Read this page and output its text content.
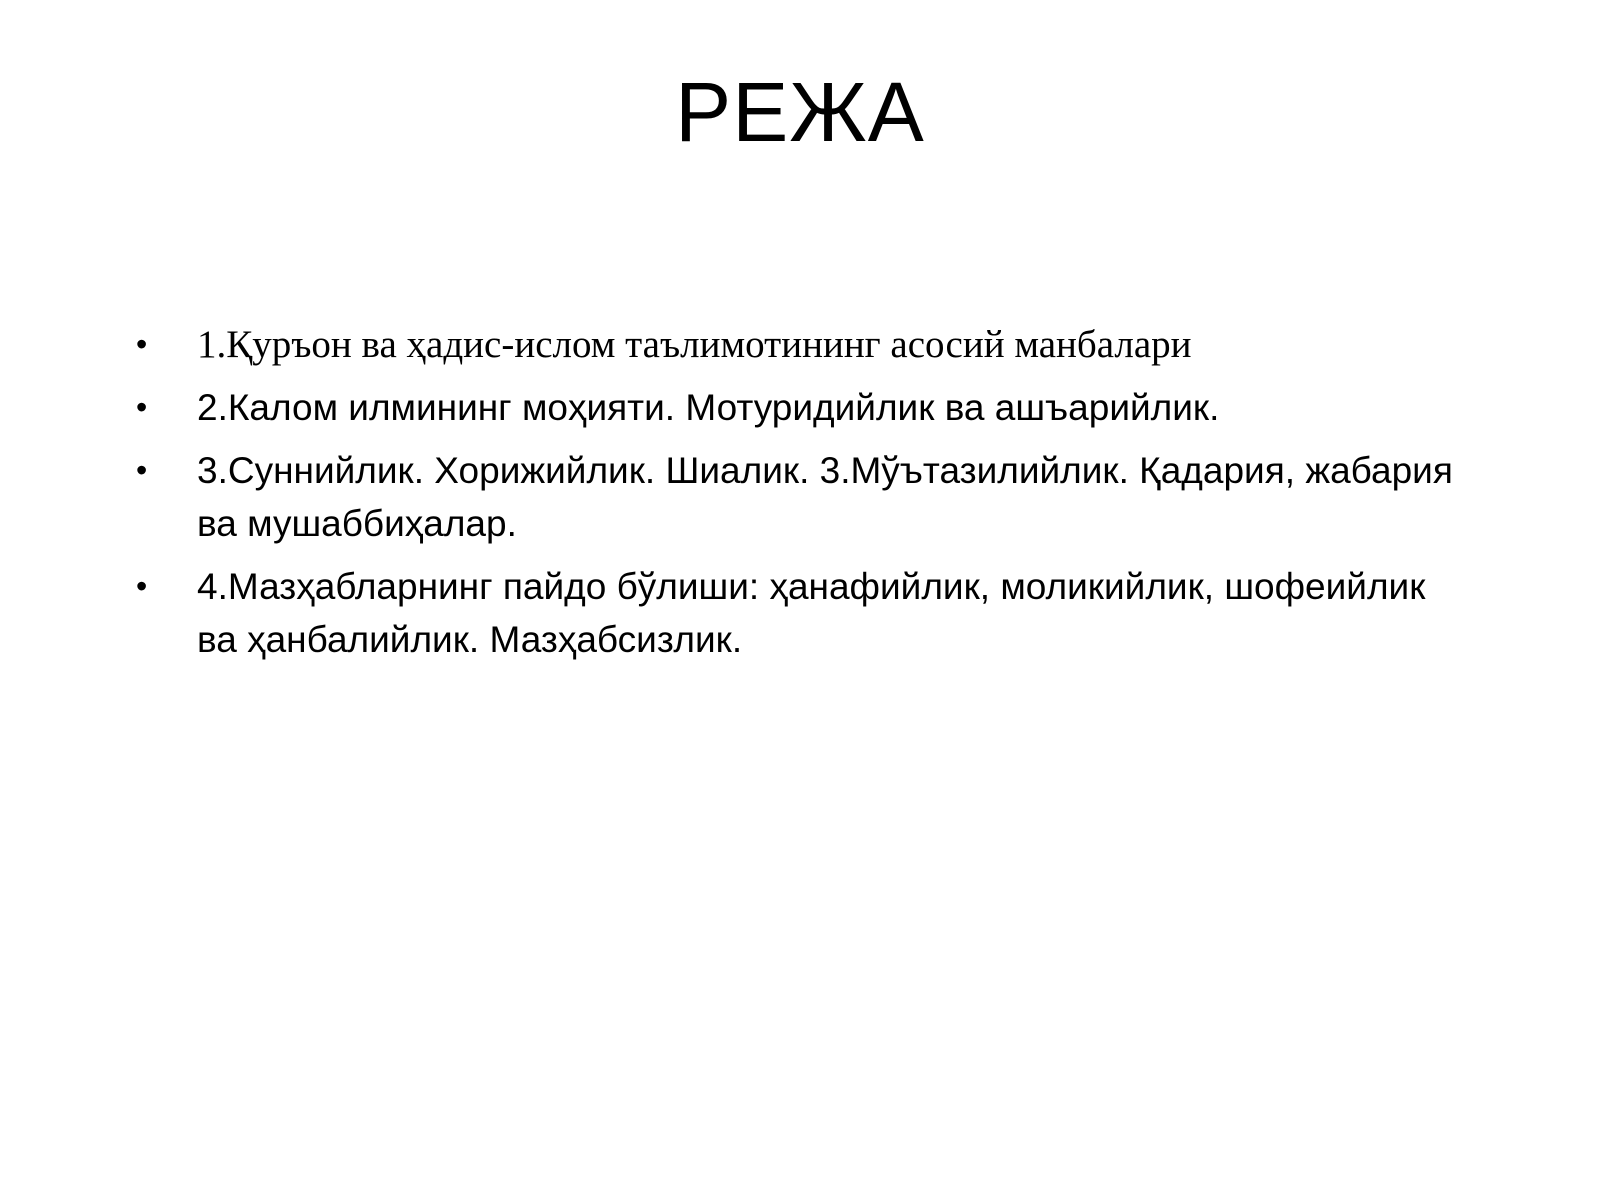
РЕЖА
• 1.Қуръон ва ҳадис-ислом таълимотининг асосий манбалари
• 2.Калом илмининг моҳияти. Мотуридийлик ва ашъарийлик.
• 3.Суннийлик. Хорижийлик. Шиалик. 3.Мўътазилийлик. Қадария, жабария ва мушаббиҳалар.
• 4.Мазҳабларнинг пайдо бўлиши: ҳанафийлик, моликийлик, шофеийлик ва ҳанбалийлик. Мазҳабсизлик.
